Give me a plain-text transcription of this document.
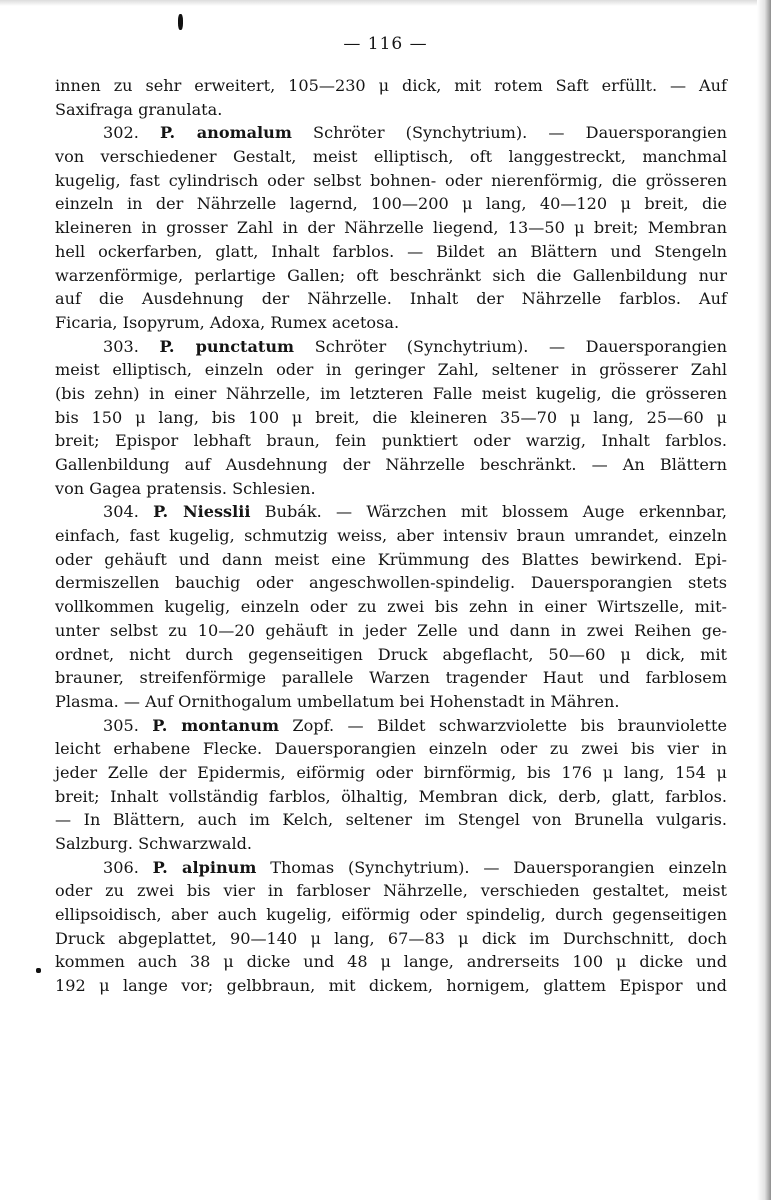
— 116 —
innen zu sehr erweitert, 105—230 μ dick, mit rotem Saft erfüllt. — Auf
Saxifraga granulata.
302. P. anomalum Schröter (Synchytrium). — Dauersporangien
von verschiedener Gestalt, meist elliptisch, oft langgestreckt, manchmal
kugelig, fast cylindrisch oder selbst bohnen- oder nierenförmig, die grösseren
einzeln in der Nährzelle lagernd, 100—200 μ lang, 40—120 μ breit, die
kleineren in grosser Zahl in der Nährzelle liegend, 13—50 μ breit; Membran
hell ockerfarben, glatt, Inhalt farblos. — Bildet an Blättern und Stengeln
warzenförmige, perlartige Gallen; oft beschränkt sich die Gallenbildung nur
auf die Ausdehnung der Nährzelle. Inhalt der Nährzelle farblos. Auf
Ficaria, Isopyrum, Adoxa, Rumex acetosa.
303. P. punctatum Schröter (Synchytrium). — Dauersporangien
meist elliptisch, einzeln oder in geringer Zahl, seltener in grösserer Zahl
(bis zehn) in einer Nährzelle, im letzteren Falle meist kugelig, die grösseren
bis 150 μ lang, bis 100 μ breit, die kleineren 35—70 μ lang, 25—60 μ
breit; Epispor lebhaft braun, fein punktiert oder warzig, Inhalt farblos.
Gallenbildung auf Ausdehnung der Nährzelle beschränkt. — An Blättern
von Gagea pratensis. Schlesien.
304. P. Niesslii Bubák. — Wärzchen mit blossem Auge erkennbar,
einfach, fast kugelig, schmutzig weiss, aber intensiv braun umrandet, einzeln
oder gehäuft und dann meist eine Krümmung des Blattes bewirkend. Epi-
dermiszellen bauchig oder angeschwollen-spindelig. Dauersporangien stets
vollkommen kugelig, einzeln oder zu zwei bis zehn in einer Wirtszelle, mit-
unter selbst zu 10—20 gehäuft in jeder Zelle und dann in zwei Reihen ge-
ordnet, nicht durch gegenseitigen Druck abgeflacht, 50—60 μ dick, mit
brauner, streifenförmige parallele Warzen tragender Haut und farblosem
Plasma. — Auf Ornithogalum umbellatum bei Hohenstadt in Mähren.
305. P. montanum Zopf. — Bildet schwarzviolette bis braunviolette
leicht erhabene Flecke. Dauersporangien einzeln oder zu zwei bis vier in
jeder Zelle der Epidermis, eiförmig oder birnförmig, bis 176 μ lang, 154 μ
breit; Inhalt vollständig farblos, ölhaltig, Membran dick, derb, glatt, farblos.
— In Blättern, auch im Kelch, seltener im Stengel von Brunella vulgaris.
Salzburg. Schwarzwald.
306. P. alpinum Thomas (Synchytrium). — Dauersporangien einzeln
oder zu zwei bis vier in farbloser Nährzelle, verschieden gestaltet, meist
ellipsoidisch, aber auch kugelig, eiförmig oder spindelig, durch gegenseitigen
Druck abgeplattet, 90—140 μ lang, 67—83 μ dick im Durchschnitt, doch
kommen auch 38 μ dicke und 48 μ lange, andrerseits 100 μ dicke und
192 μ lange vor; gelbbraun, mit dickem, hornigem, glattem Epispor und
